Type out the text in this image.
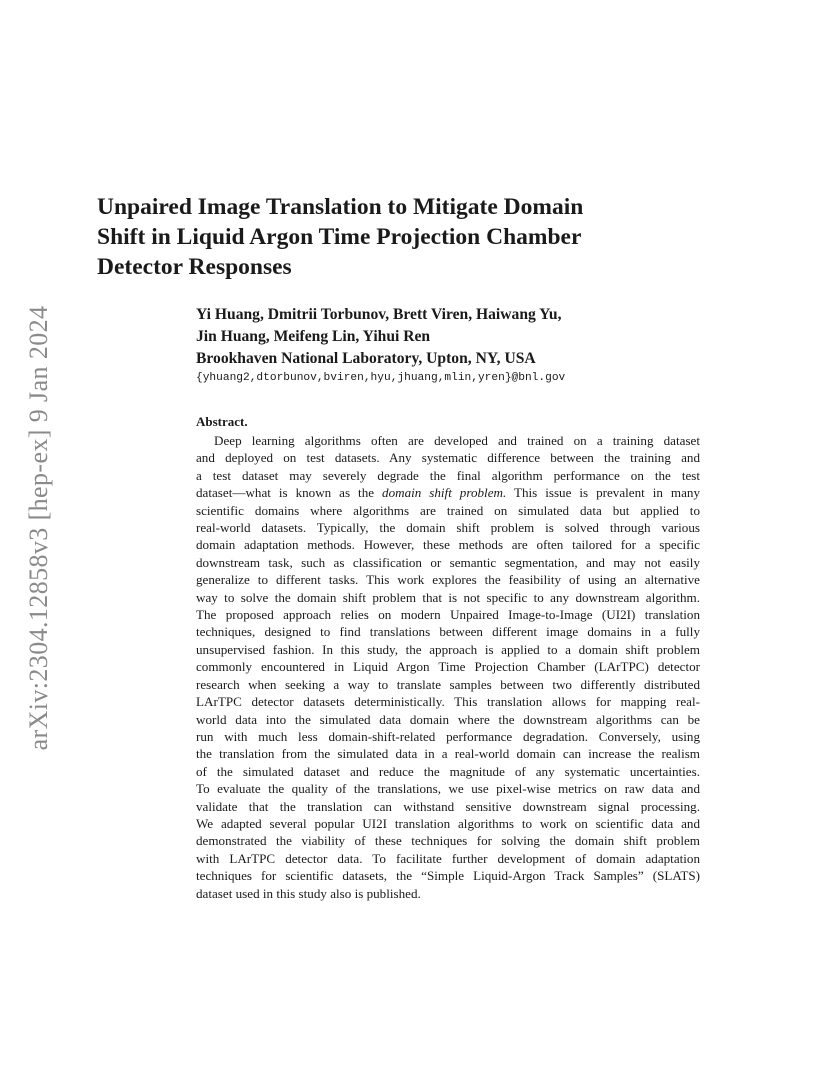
arXiv:2304.12858v3 [hep-ex] 9 Jan 2024
Unpaired Image Translation to Mitigate Domain
Shift in Liquid Argon Time Projection Chamber
Detector Responses
Yi Huang, Dmitrii Torbunov, Brett Viren, Haiwang Yu,
Jin Huang, Meifeng Lin, Yihui Ren
Brookhaven National Laboratory, Upton, NY, USA
{yhuang2,dtorbunov,bviren,hyu,jhuang,mlin,yren}@bnl.gov
Abstract.
Deep learning algorithms often are developed and trained on a training dataset
and deployed on test datasets. Any systematic difference between the training and
a test dataset may severely degrade the final algorithm performance on the test
dataset—what is known as the domain shift problem. This issue is prevalent in many
scientific domains where algorithms are trained on simulated data but applied to
real-world datasets. Typically, the domain shift problem is solved through various
domain adaptation methods. However, these methods are often tailored for a specific
downstream task, such as classification or semantic segmentation, and may not easily
generalize to different tasks. This work explores the feasibility of using an alternative
way to solve the domain shift problem that is not specific to any downstream algorithm.
The proposed approach relies on modern Unpaired Image-to-Image (UI2I) translation
techniques, designed to find translations between different image domains in a fully
unsupervised fashion. In this study, the approach is applied to a domain shift problem
commonly encountered in Liquid Argon Time Projection Chamber (LArTPC) detector
research when seeking a way to translate samples between two differently distributed
LArTPC detector datasets deterministically. This translation allows for mapping real-
world data into the simulated data domain where the downstream algorithms can be
run with much less domain-shift-related performance degradation. Conversely, using
the translation from the simulated data in a real-world domain can increase the realism
of the simulated dataset and reduce the magnitude of any systematic uncertainties.
To evaluate the quality of the translations, we use pixel-wise metrics on raw data and
validate that the translation can withstand sensitive downstream signal processing.
We adapted several popular UI2I translation algorithms to work on scientific data and
demonstrated the viability of these techniques for solving the domain shift problem
with LArTPC detector data. To facilitate further development of domain adaptation
techniques for scientific datasets, the “Simple Liquid-Argon Track Samples” (SLATS)
dataset used in this study also is published.
